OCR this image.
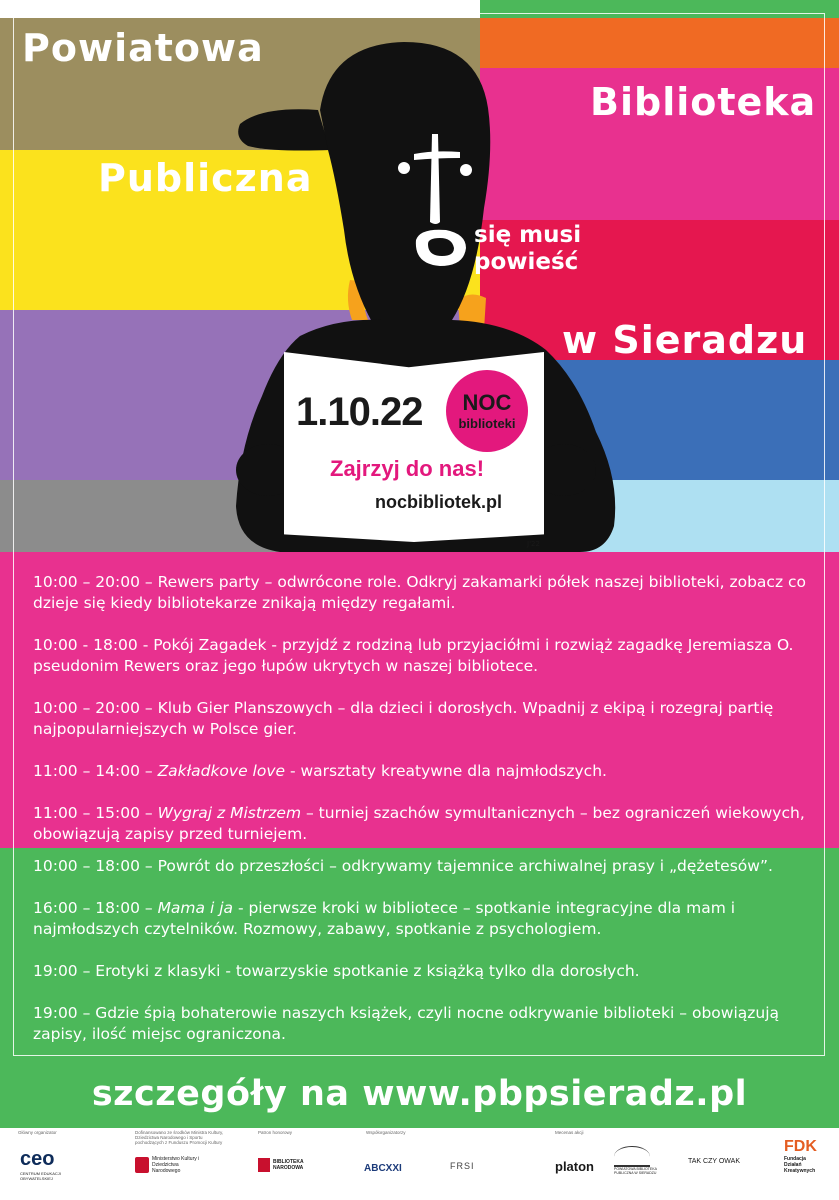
1.10.22	NOC
biblioteki
Zajrzyj do nas!
nocbibliotek.pl
J'22
Powiatowa
Biblioteka
Publiczna
w Sieradzu
się musi
powieść
10:00 – 20:00 – Rewers party – odwrócone role. Odkryj zakamarki półek naszej biblioteki, zobacz co dzieje się kiedy bibliotekarze znikają między regałami.
10:00 - 18:00 - Pokój Zagadek - przyjdź z rodziną lub przyjaciółmi i rozwiąż zagadkę Jeremiasza O. pseudonim Rewers oraz jego łupów ukrytych w naszej bibliotece.
10:00 – 20:00 – Klub Gier Planszowych – dla dzieci i dorosłych. Wpadnij z ekipą i rozegraj partię najpopularniejszych w Polsce gier.
11:00 – 14:00 – Zakładkove love - warsztaty kreatywne dla najmłodszych.
11:00 – 15:00 – Wygraj z Mistrzem – turniej szachów symultanicznych – bez ograniczeń wiekowych, obowiązują zapisy przed turniejem.
10:00 – 18:00 – Powrót do przeszłości – odkrywamy tajemnice archiwalnej prasy i „dężetesów”.
16:00 – 18:00 – Mama i ja - pierwsze kroki w bibliotece – spotkanie integracyjne dla mam i najmłodszych czytelników. Rozmowy, zabawy, spotkanie z psychologiem.
19:00 – Erotyki z klasyki - towarzyskie spotkanie z książką tylko dla dorosłych.
19:00 – Gdzie śpią bohaterowie naszych książek, czyli nocne odkrywanie biblioteki – obowiązują zapisy, ilość miejsc ograniczona.
szczegóły na www.pbpsieradz.pl
Główny organizator	Dofinansowano ze środków Ministra Kultury, Dziedzictwa Narodowego i Sportu pochodzących z Funduszu Promocji Kultury
Patron honorowy	Współorganizatorzy	Mecenas akcji
ceo
CENTRUM EDUKACJI OBYWATELSKIEJ
Ministerstwo Kultury i Dziedzictwa Narodowego
BIBLIOTEKA NARODOWA	ABCXXI	FRSI	platon	POWIATOWA BIBLIOTEKA PUBLICZNA W SIERADZU
TAK CZY OWAK
FDK
Fundacja Działań Kreatywnych
